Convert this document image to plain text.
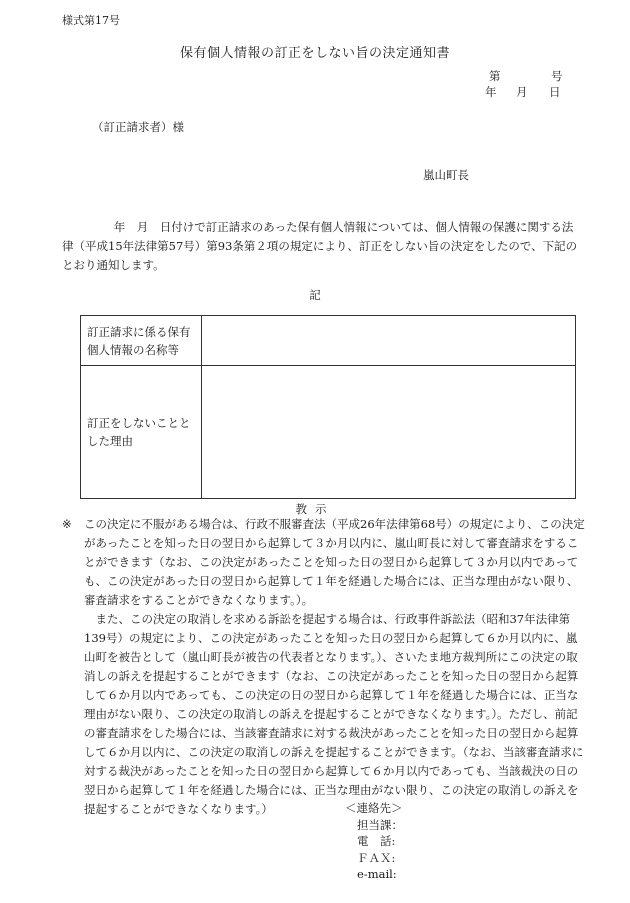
様式第17号
保有個人情報の訂正をしない旨の決定通知書
第	号
年 月 日
（訂正請求者）様
嵐山町長

　年　月　日付けで訂正請求のあった保有個人情報については、個人情報の保護に関する法律（平成15年法律第57号）第93条第２項の規定により、訂正をしない旨の決定をしたので、下記のとおり通知します。

記
訂正請求に係る保有個人情報の名称等	
訂正をしないこととした理由	
教示

※ この決定に不服がある場合は、行政不服審査法（平成26年法律第68号）の規定により、この決定があったことを知った日の翌日から起算して３か月以内に、嵐山町長に対して審査請求をすることができます（なお、この決定があったことを知った日の翌日から起算して３か月以内であっても、この決定があった日の翌日から起算して１年を経過した場合には、正当な理由がない限り、審査請求をすることができなくなります。）。

また、この決定の取消しを求める訴訟を提起する場合は、行政事件訴訟法（昭和37年法律第139号）の規定により、この決定があったことを知った日の翌日から起算して６か月以内に、嵐山町を被告として（嵐山町長が被告の代表者となります。）、さいたま地方裁判所にこの決定の取消しの訴えを提起することができます（なお、この決定があったことを知った日の翌日から起算して６か月以内であっても、この決定の日の翌日から起算して１年を経過した場合には、正当な理由がない限り、この決定の取消しの訴えを提起することができなくなります。）。ただし、前記の審査請求をした場合には、当該審査請求に対する裁決があったことを知った日の翌日から起算して６か月以内に、この決定の取消しの訴えを提起することができます。（なお、当該審査請求に対する裁決があったことを知った日の翌日から起算して６か月以内であっても、当該裁決の日の翌日から起算して１年を経過した場合には、正当な理由がない限り、この決定の取消しの訴えを提起することができなくなります。）	＜連絡先＞
担当課：
電　話:
ＦＡＸ:
e-mail:
